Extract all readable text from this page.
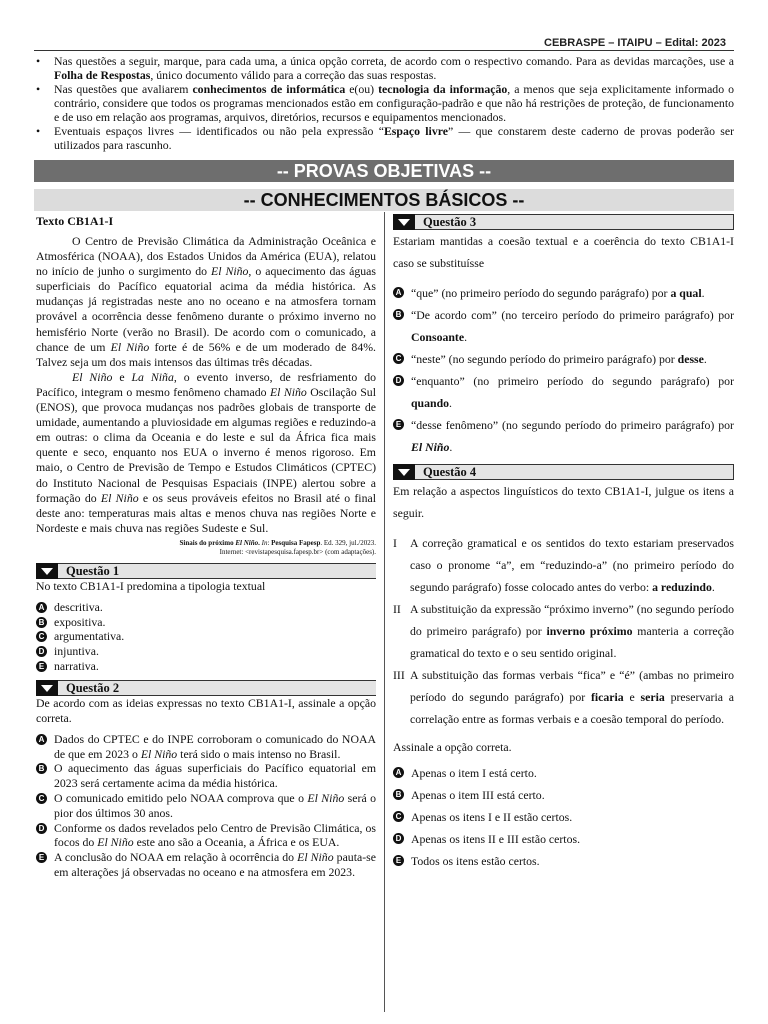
CEBRASPE – ITAIPU – Edital: 2023
• Nas questões a seguir, marque, para cada uma, a única opção correta, de acordo com o respectivo comando. Para as devidas marcações, use a Folha de Respostas, único documento válido para a correção das suas respostas.
• Nas questões que avaliarem conhecimentos de informática e(ou) tecnologia da informação, a menos que seja explicitamente informado o contrário, considere que todos os programas mencionados estão em configuração-padrão e que não há restrições de proteção, de funcionamento e de uso em relação aos programas, arquivos, diretórios, recursos e equipamentos mencionados.
• Eventuais espaços livres — identificados ou não pela expressão “Espaço livre” — que constarem deste caderno de provas poderão ser utilizados para rascunho.
-- PROVAS OBJETIVAS --
-- CONHECIMENTOS BÁSICOS --
Texto CB1A1-I

O Centro de Previsão Climática da Administração Oceânica e Atmosférica (NOAA), dos Estados Unidos da América (EUA), relatou no início de junho o surgimento do El Niño, o aquecimento das águas superficiais do Pacífico equatorial acima da média histórica. As mudanças já registradas neste ano no oceano e na atmosfera tornam provável a ocorrência desse fenômeno durante o próximo inverno no hemisfério Norte (verão no Brasil). De acordo com o comunicado, a chance de um El Niño forte é de 56% e de um moderado de 84%. Talvez seja um dos mais intensos das últimas três décadas.

El Niño e La Niña, o evento inverso, de resfriamento do Pacífico, integram o mesmo fenômeno chamado El Niño Oscilação Sul (ENOS), que provoca mudanças nos padrões globais de transporte de umidade, aumentando a pluviosidade em algumas regiões e reduzindo-a em outras: o clima da Oceania e do leste e sul da África fica mais quente e seco, enquanto nos EUA o inverno é menos rigoroso. Em maio, o Centro de Previsão de Tempo e Estudos Climáticos (CPTEC) do Instituto Nacional de Pesquisas Espaciais (INPE) alertou sobre a formação do El Niño e os seus prováveis efeitos no Brasil até o final deste ano: temperaturas mais altas e menos chuva nas regiões Norte e Nordeste e mais chuva nas regiões Sudeste e Sul.

Sinais do próximo El Niño. In: Pesquisa Fapesp. Ed. 329, jul./2023.
Internet: <revistapesquisa.fapesp.br> (com adaptações).
Questão 1
No texto CB1A1-I predomina a tipologia textual
A descritiva.
B expositiva.
C argumentativa.
D injuntiva.
E narrativa.
Questão 2
De acordo com as ideias expressas no texto CB1A1-I, assinale a opção correta.
A Dados do CPTEC e do INPE corroboram o comunicado do NOAA de que em 2023 o El Niño terá sido o mais intenso no Brasil.
B O aquecimento das águas superficiais do Pacífico equatorial em 2023 será certamente acima da média histórica.
C O comunicado emitido pelo NOAA comprova que o El Niño será o pior dos últimos 30 anos.
D Conforme os dados revelados pelo Centro de Previsão Climática, os focos do El Niño este ano são a Oceania, a África e os EUA.
E A conclusão do NOAA em relação à ocorrência do El Niño pauta-se em alterações já observadas no oceano e na atmosfera em 2023.
Questão 3
Estariam mantidas a coesão textual e a coerência do texto CB1A1-I caso se substituísse
A “que” (no primeiro período do segundo parágrafo) por a qual.
B “De acordo com” (no terceiro período do primeiro parágrafo) por Consoante.
C “neste” (no segundo período do primeiro parágrafo) por desse.
D “enquanto” (no primeiro período do segundo parágrafo) por quando.
E “desse fenômeno” (no segundo período do primeiro parágrafo) por El Niño.
Questão 4
Em relação a aspectos linguísticos do texto CB1A1-I, julgue os itens a seguir.
I A correção gramatical e os sentidos do texto estariam preservados caso o pronome “a”, em “reduzindo-a” (no primeiro período do segundo parágrafo) fosse colocado antes do verbo: a reduzindo.
II A substituição da expressão “próximo inverno” (no segundo período do primeiro parágrafo) por inverno próximo manteria a correção gramatical do texto e o seu sentido original.
III A substituição das formas verbais “fica” e “é” (ambas no primeiro período do segundo parágrafo) por ficaria e seria preservaria a correlação entre as formas verbais e a coesão temporal do período.
Assinale a opção correta.
A Apenas o item I está certo.
B Apenas o item III está certo.
C Apenas os itens I e II estão certos.
D Apenas os itens II e III estão certos.
E Todos os itens estão certos.
